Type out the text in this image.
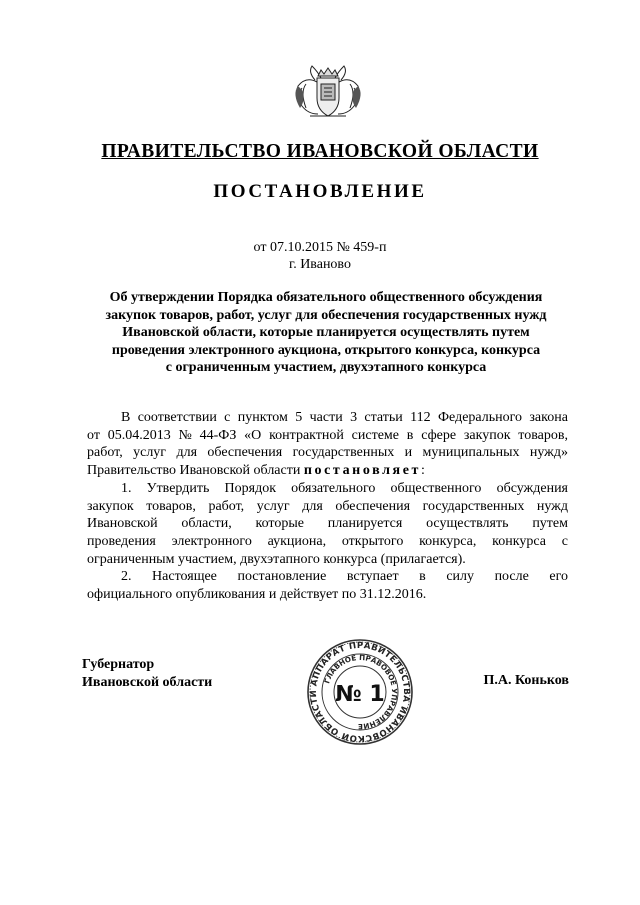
ПРАВИТЕЛЬСТВО ИВАНОВСКОЙ ОБЛАСТИ
ПОСТАНОВЛЕНИЕ
от 07.10.2015 № 459-п
г. Иваново
Об утверждении Порядка обязательного общественного обсуждения
закупок товаров, работ, услуг для обеспечения государственных нужд
Ивановской области, которые планируется осуществлять путем
проведения электронного аукциона, открытого конкурса, конкурса
с ограниченным участием, двухэтапного конкурса
В соответствии с пунктом 5 части 3 статьи 112 Федерального закона
от 05.04.2013 № 44-ФЗ «О контрактной системе в сфере закупок товаров,
работ, услуг для обеспечения государственных и муниципальных нужд»
Правительство Ивановской области постановляет :
1. Утвердить Порядок обязательного общественного обсуждения
закупок товаров, работ, услуг для обеспечения государственных нужд
Ивановской области, которые планируется осуществлять путем
проведения электронного аукциона, открытого конкурса, конкурса с
ограниченным участием, двухэтапного конкурса (прилагается).
2. Настоящее постановление вступает в силу после его
официального опубликования и действует по 31.12.2016.
Губернатор
Ивановской области	П.А. Коньков
АППАРАТ ПРАВИТЕЛЬСТВА ИВАНОВСКОЙ ОБЛАСТИ
ГЛАВНОЕ ПРАВОВОЕ УПРАВЛЕНИЕ
№ 1
